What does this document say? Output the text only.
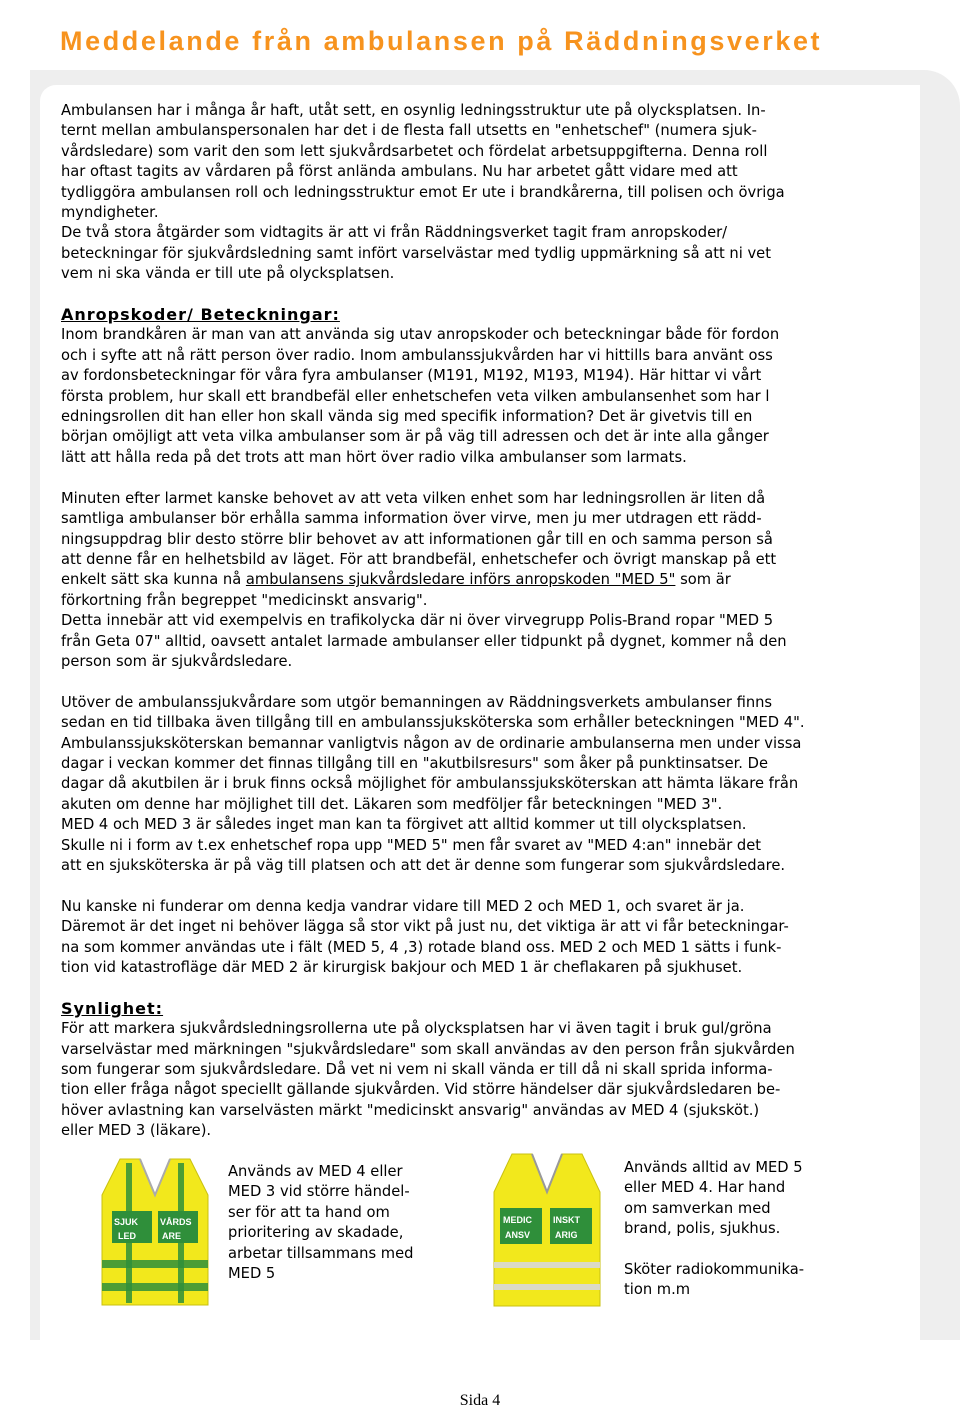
Meddelande från ambulansen på Räddningsverket

Ambulansen har i många år haft, utåt sett, en osynlig ledningsstruktur ute på olycksplatsen. In-

ternt mellan ambulanspersonalen har det i de flesta fall utsetts en "enhetschef" (numera sjuk-

vårdsledare) som varit den som lett sjukvårdsarbetet och fördelat arbetsuppgifterna. Denna roll

har oftast tagits av vårdaren på först anlända ambulans. Nu har arbetet gått vidare med att

tydliggöra ambulansen roll och ledningsstruktur emot Er ute i brandkårerna, till polisen och övriga

myndigheter.

De två stora åtgärder som vidtagits är att vi från Räddningsverket tagit fram anropskoder/

beteckningar för sjukvårdsledning samt infört varselvästar med tydlig uppmärkning så att ni vet

vem ni ska vända er till ute på olycksplatsen.

Anropskoder/ Beteckningar:

Inom brandkåren är man van att använda sig utav anropskoder och beteckningar både för fordon

och i syfte att nå rätt person över radio. Inom ambulanssjukvården har vi hittills bara använt oss

av fordonsbeteckningar för våra fyra ambulanser (M191, M192, M193, M194). Här hittar vi vårt

första problem, hur skall ett brandbefäl eller enhetschefen veta vilken ambulansenhet som har l

edningsrollen dit han eller hon skall vända sig med specifik information? Det är givetvis till en

början omöjligt att veta vilka ambulanser som är på väg till adressen och det är inte alla gånger

lätt att hålla reda på det trots att man hört över radio vilka ambulanser som larmats.

Minuten efter larmet kanske behovet av att veta vilken enhet som har ledningsrollen är liten då

samtliga ambulanser bör erhålla samma information över virve, men ju mer utdragen ett rädd-

ningsuppdrag blir desto större blir behovet av att informationen går till en och samma person så

att denne får en helhetsbild av läget. För att brandbefäl, enhetschefer och övrigt manskap på ett

enkelt sätt ska kunna nå ambulansens sjukvårdsledare införs anropskoden "MED 5" som är

förkortning från begreppet "medicinskt ansvarig".

Detta innebär att vid exempelvis en trafikolycka där ni över virvegrupp Polis-Brand ropar "MED 5

från Geta 07" alltid, oavsett antalet larmade ambulanser eller tidpunkt på dygnet, kommer nå den

person som är sjukvårdsledare.

Utöver de ambulanssjukvårdare som utgör bemanningen av Räddningsverkets ambulanser finns

sedan en tid tillbaka även tillgång till en ambulanssjuksköterska som erhåller beteckningen "MED 4".

Ambulanssjuksköterskan bemannar vanligtvis någon av de ordinarie ambulanserna men under vissa

dagar i veckan kommer det finnas tillgång till en "akutbilsresurs" som åker på punktinsatser. De

dagar då akutbilen är i bruk finns också möjlighet för ambulanssjuksköterskan att hämta läkare från

akuten om denne har möjlighet till det. Läkaren som medföljer får beteckningen "MED 3".

MED 4 och MED 3 är således inget man kan ta förgivet att alltid kommer ut till olycksplatsen.

Skulle ni i form av t.ex enhetschef ropa upp "MED 5" men får svaret av "MED 4:an" innebär det

att en sjuksköterska är på väg till platsen och att det är denne som fungerar som sjukvårdsledare.

Nu kanske ni funderar om denna kedja vandrar vidare till MED 2 och MED 1, och svaret är ja.

Däremot är det inget ni behöver lägga så stor vikt på just nu, det viktiga är att vi får beteckningar-

na som kommer användas ute i fält (MED 5, 4 ,3) rotade bland oss. MED 2 och MED 1 sätts i funk-

tion vid katastrofläge där MED 2 är kirurgisk bakjour och MED 1 är cheflakaren på sjukhuset.

Synlighet:

För att markera sjukvårdsledningsrollerna ute på olycksplatsen har vi även tagit i bruk gul/gröna

varselvästar med märkningen "sjukvårdsledare" som skall användas av den person från sjukvården

som fungerar som sjukvårdsledare. Då vet ni vem ni skall vända er till då ni skall sprida informa-

tion eller fråga något speciellt gällande sjukvården. Vid större händelser där sjukvårdsledaren be-

höver avlastning kan varselvästen märkt "medicinskt ansvarig" användas av MED 4 (sjuksköt.)

eller MED 3 (läkare).

SJUK VÅRDS
LED	ARE

Används av MED 4 eller

MED 3 vid större händel-

ser för att ta hand om

prioritering av skadade,

arbetar tillsammans med

MED 5

MEDIC INSKT
ANSV	ARIG

Används alltid av MED 5

eller MED 4. Har hand

om samverkan med

brand, polis, sjukhus.

Sköter radiokommunika-

tion m.m

Sida 4
